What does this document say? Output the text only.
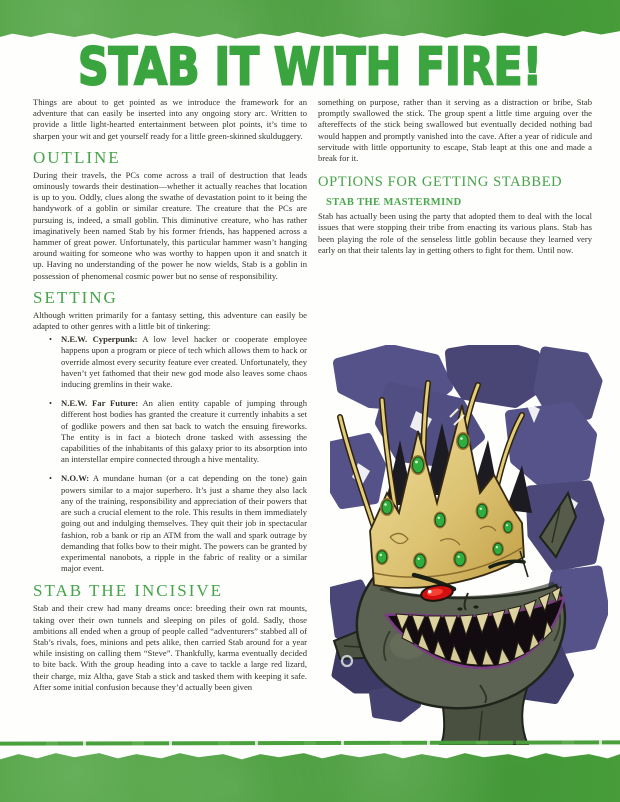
STAB IT WITH FIRE!

Things are about to get pointed as we introduce the framework for an adventure that can easily be inserted into any ongoing story arc. Written to provide a little light-hearted entertainment between plot points, it’s time to sharpen your wit and get yourself ready for a little green-skinned skulduggery.

OUTLINE

During their travels, the PCs come across a trail of destruction that leads ominously towards their destination—whether it actually reaches that location is up to you. Oddly, clues along the swathe of devastation point to it being the handywork of a goblin or similar creature. The creature that the PCs are pursuing is, indeed, a small goblin. This diminutive creature, who has rather imaginatively been named Stab by his former friends, has happened across a hammer of great power. Unfortunately, this particular hammer wasn’t hanging around waiting for someone who was worthy to happen upon it and snatch it up. Having no understanding of the power he now wields, Stab is a goblin in possession of phenomenal cosmic power but no sense of responsibility.

SETTING

Although written primarily for a fantasy setting, this adventure can easily be adapted to other genres with a little bit of tinkering:

• N.E.W. Cyperpunk: A low level hacker or cooperate employee happens upon a program or piece of tech which allows them to hack or override almost every security feature ever created. Unfortunately, they haven’t yet fathomed that their new god mode also leaves some chaos inducing gremlins in their wake.
• N.E.W. Far Future: An alien entity capable of jumping through different host bodies has granted the creature it currently inhabits a set of godlike powers and then sat back to watch the ensuing fireworks. The entity is in fact a biotech drone tasked with assessing the capabilities of the inhabitants of this galaxy prior to its absorption into an interstellar empire connected through a hive mentality.
• N.O.W: A mundane human (or a cat depending on the tone) gain powers similar to a major superhero. It’s just a shame they also lack any of the training, responsibility and appreciation of their powers that are such a crucial element to the role. This results in them immediately going out and indulging themselves. They quit their job in spectacular fashion, rob a bank or rip an ATM from the wall and spark outrage by demanding that folks bow to their might. The powers can be granted by experimental nanobots, a ripple in the fabric of reality or a similar major event.
STAB THE INCISIVE

Stab and their crew had many dreams once: breeding their own rat mounts, taking over their own tunnels and sleeping on piles of gold. Sadly, those ambitions all ended when a group of people called “adventurers” stabbed all of Stab’s rivals, foes, minions and pets alike, then carried Stab around for a year while insisting on calling them “Steve”. Thankfully, karma eventually decided to bite back. With the group heading into a cave to tackle a large red lizard, their charge, miz Altha, gave Stab a stick and tasked them with keeping it safe. After some initial confusion because they’d actually been given

something on purpose, rather than it serving as a distraction or bribe, Stab promptly swallowed the stick. The group spent a little time arguing over the aftereffects of the stick being swallowed but eventually decided nothing bad would happen and promptly vanished into the cave. After a year of ridicule and servitude with little opportunity to escape, Stab leapt at this one and made a break for it.

OPTIONS FOR GETTING STABBED
STAB THE MASTERMIND

Stab has actually been using the party that adopted them to deal with the local issues that were stopping their tribe from enacting its various plans. Stab has been playing the role of the senseless little goblin because they learned very early on that their talents lay in getting others to fight for them. Until now.
